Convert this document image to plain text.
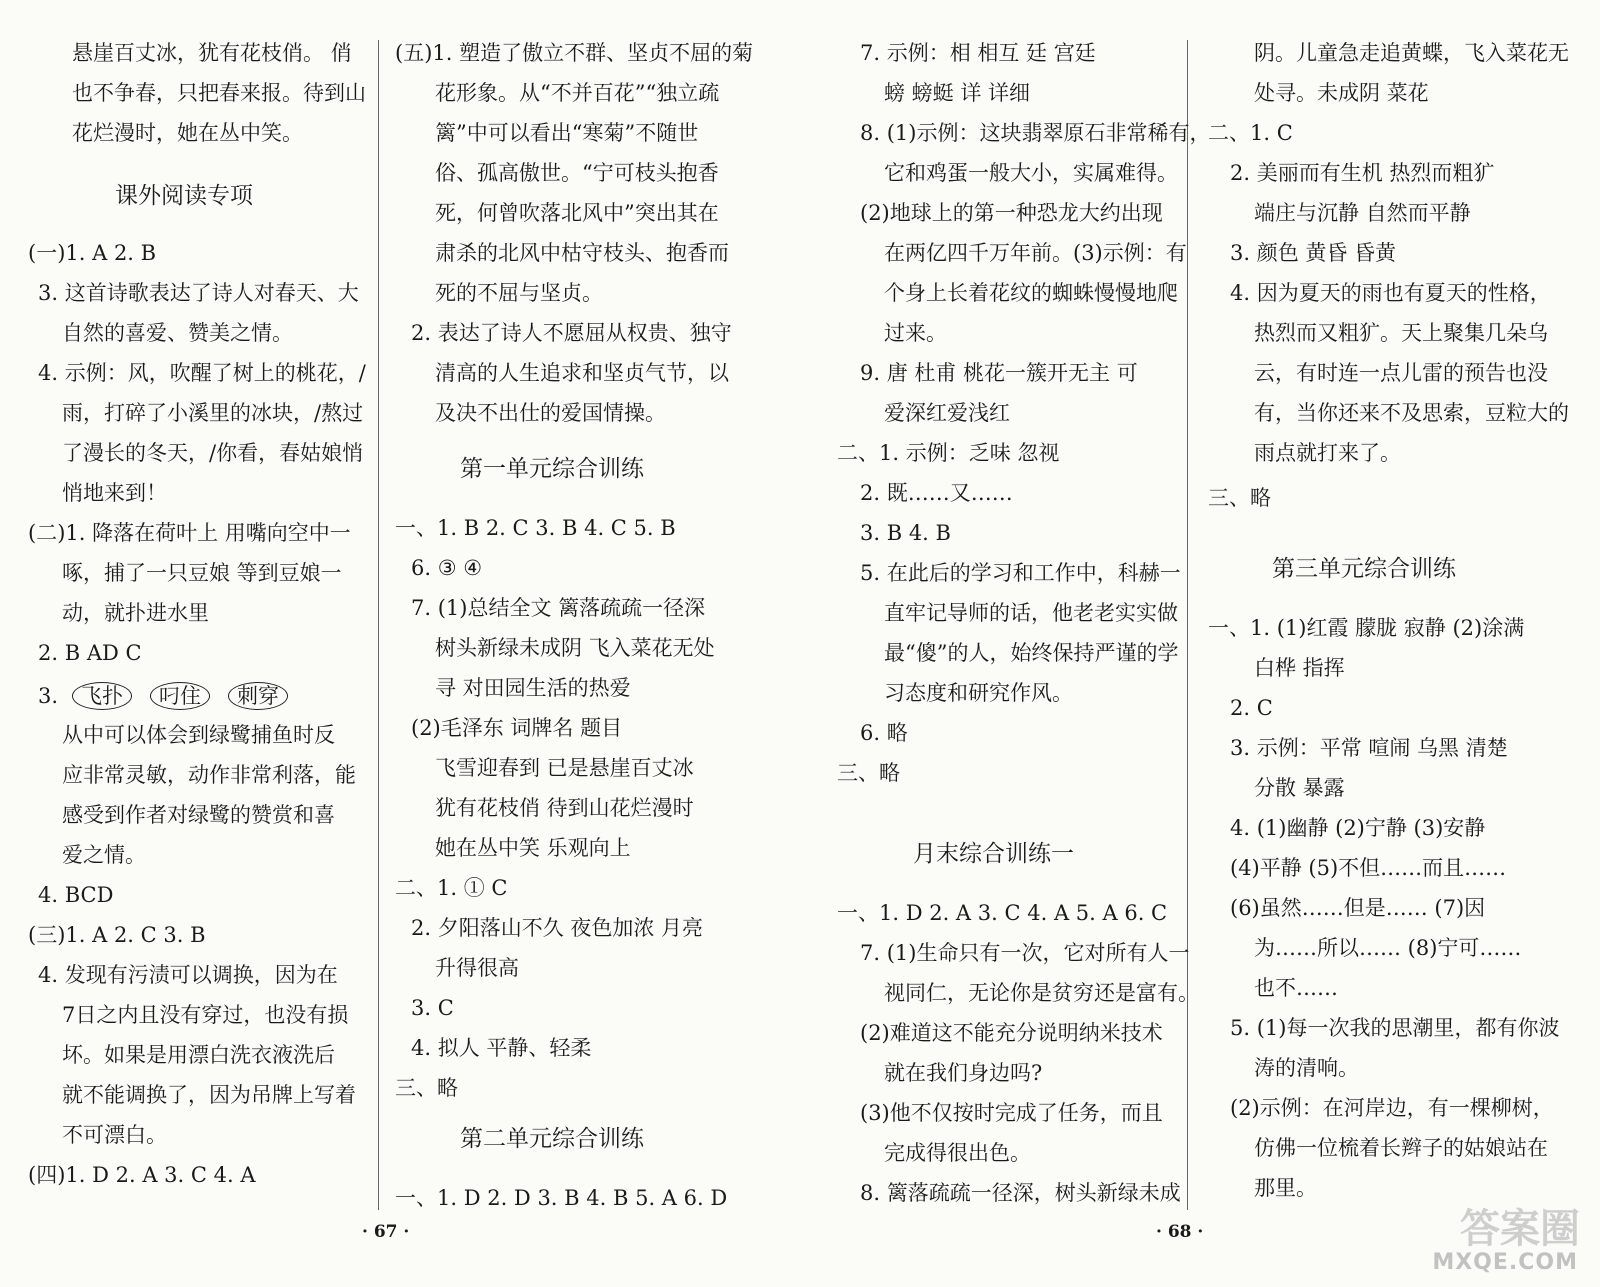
· 67 ·	· 68 ·	答案圈
MXQE.COM
悬崖百丈冰，犹有花枝俏。 俏
也不争春，只把春来报。待到山
花烂漫时，她在丛中笑。
课外阅读专项
(一)1. A 2. B
3. 这首诗歌表达了诗人对春天、大
自然的喜爱、赞美之情。
4. 示例：风，吹醒了树上的桃花，/
雨，打碎了小溪里的冰块，/熬过
了漫长的冬天，/你看，春姑娘悄
悄地来到！
(二)1. 降落在荷叶上 用嘴向空中一
啄，捕了一只豆娘 等到豆娘一
动，就扑进水里
2. B AD C
3. 飞扑 叼住 刺穿
从中可以体会到绿鹭捕鱼时反
应非常灵敏，动作非常利落，能
感受到作者对绿鹭的赞赏和喜
爱之情。
4. BCD
(三)1. A 2. C 3. B
4. 发现有污渍可以调换，因为在
7日之内且没有穿过，也没有损
坏。如果是用漂白洗衣液洗后
就不能调换了，因为吊牌上写着
不可漂白。
(四)1. D 2. A 3. C 4. A
(五)1. 塑造了傲立不群、坚贞不屈的菊
花形象。从“不并百花”“独立疏
篱”中可以看出“寒菊”不随世
俗、孤高傲世。“宁可枝头抱香
死，何曾吹落北风中”突出其在
肃杀的北风中枯守枝头、抱香而
死的不屈与坚贞。
2. 表达了诗人不愿屈从权贵、独守
清高的人生追求和坚贞气节，以
及决不出仕的爱国情操。
第一单元综合训练
一、1. B 2. C 3. B 4. C 5. B
6. ③ ④
7. (1)总结全文 篱落疏疏一径深
树头新绿未成阴 飞入菜花无处
寻 对田园生活的热爱
(2)毛泽东 词牌名 题目
飞雪迎春到 已是悬崖百丈冰
犹有花枝俏 待到山花烂漫时
她在丛中笑 乐观向上
二、1. ① C
2. 夕阳落山不久 夜色加浓 月亮
升得很高
3. C
4. 拟人 平静、轻柔
三、略
第二单元综合训练
一、1. D 2. D 3. B 4. B 5. A 6. D
7. 示例：相 相互 廷 宫廷
螃 螃蜓 详 详细
8. (1)示例：这块翡翠原石非常稀有，
它和鸡蛋一般大小，实属难得。
(2)地球上的第一种恐龙大约出现
在两亿四千万年前。(3)示例：有
个身上长着花纹的蜘蛛慢慢地爬
过来。
9. 唐 杜甫 桃花一簇开无主 可
爱深红爱浅红
二、1. 示例：乏味 忽视
2. 既……又……
3. B 4. B
5. 在此后的学习和工作中，科赫一
直牢记导师的话，他老老实实做
最“傻”的人，始终保持严谨的学
习态度和研究作风。
6. 略
三、略
月末综合训练一
一、1. D 2. A 3. C 4. A 5. A 6. C
7. (1)生命只有一次，它对所有人一
视同仁，无论你是贫穷还是富有。
(2)难道这不能充分说明纳米技术
就在我们身边吗?
(3)他不仅按时完成了任务，而且
完成得很出色。
8. 篱落疏疏一径深，树头新绿未成
阴。儿童急走追黄蝶，飞入菜花无
处寻。未成阴 菜花
二、1. C
2. 美丽而有生机 热烈而粗犷
端庄与沉静 自然而平静
3. 颜色 黄昏 昏黄
4. 因为夏天的雨也有夏天的性格，
热烈而又粗犷。天上聚集几朵乌
云，有时连一点儿雷的预告也没
有，当你还来不及思索，豆粒大的
雨点就打来了。
三、略
第三单元综合训练
一、1. (1)红霞 朦胧 寂静 (2)涂满
白桦 指挥
2. C
3. 示例：平常 喧闹 乌黑 清楚
分散 暴露
4. (1)幽静 (2)宁静 (3)安静
(4)平静 (5)不但……而且……
(6)虽然……但是…… (7)因
为……所以…… (8)宁可……
也不……
5. (1)每一次我的思潮里，都有你波
涛的清响。
(2)示例：在河岸边，有一棵柳树，
仿佛一位梳着长辫子的姑娘站在
那里。
